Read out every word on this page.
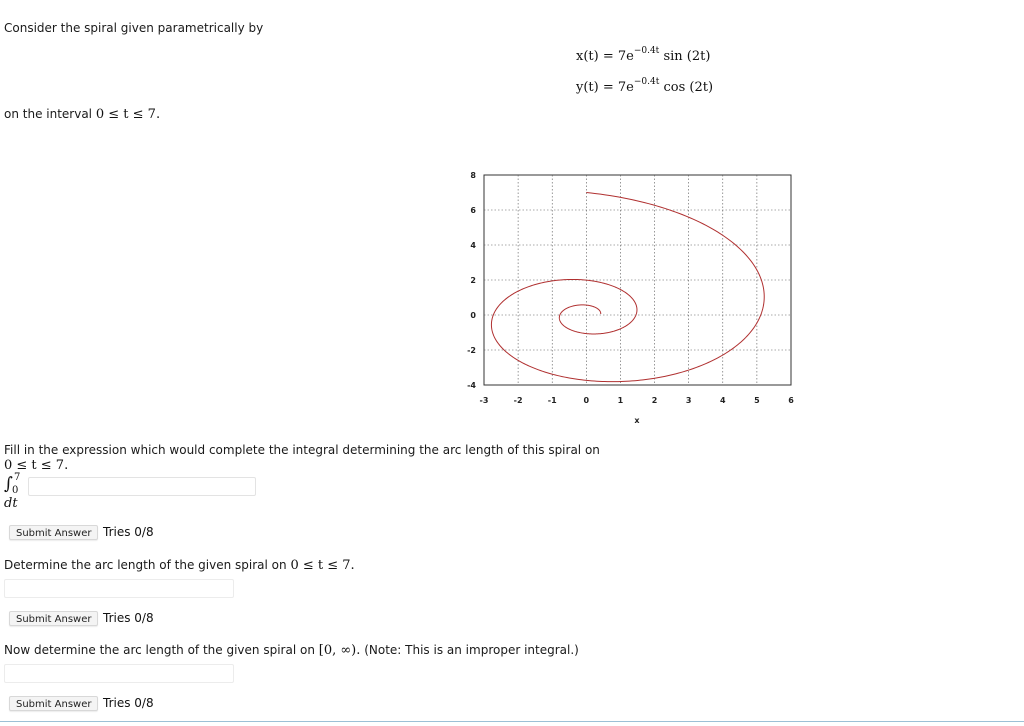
Consider the spiral given parametrically by
$x(t) = 7e^{-0.4t}$ sin (2t)
$y(t) = 7e^{-0.4t}$ cos (2t)
on the interval 0 ≤ t ≤ 7.
-3	-2	-1	0	1	2	3	4	5	6
8
6
4
2
0
-2
-4
x
Fill in the expression which would complete the integral determining the arc length of this spiral on
0 ≤ t ≤ 7.
∫ 7
0
dt
Submit Answer Tries 0/8
Determine the arc length of the given spiral on 0 ≤ t ≤ 7.
Submit Answer Tries 0/8
Now determine the arc length of the given spiral on [0, ∞). (Note: This is an improper integral.)
Submit Answer Tries 0/8
